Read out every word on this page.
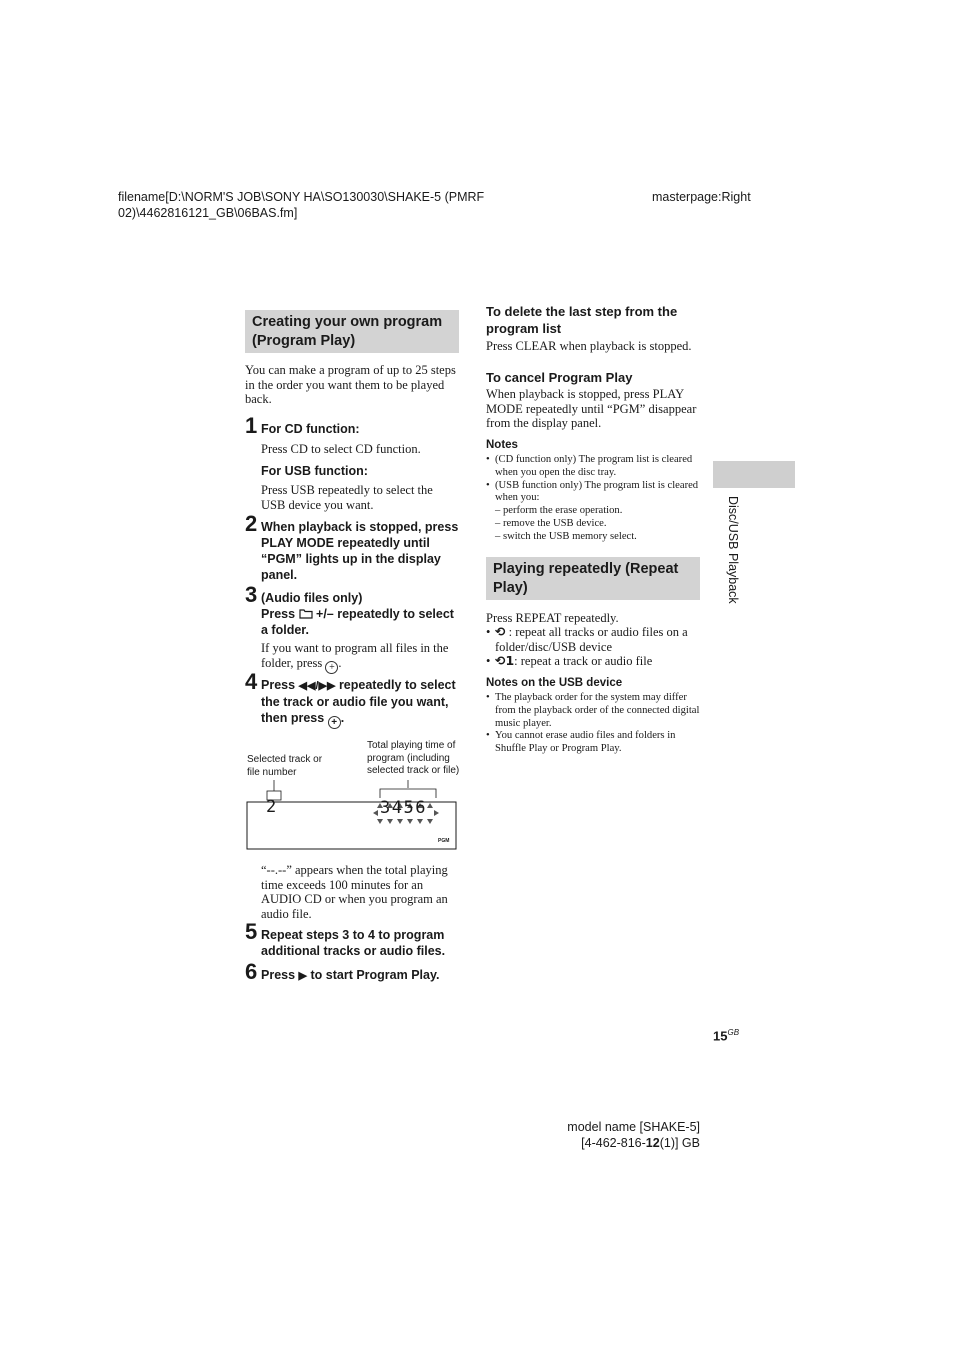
filename[D:\NORM'S JOB\SONY HA\SO130030\SHAKE-5 (PMRF 02)\4462816121_GB\06BAS.fm]
masterpage:Right
Creating your own program (Program Play)
You can make a program of up to 25 steps in the order you want them to be played back.
1 For CD function:
Press CD to select CD function.
For USB function:
Press USB repeatedly to select the USB device you want.
2 When playback is stopped, press PLAY MODE repeatedly until “PGM” lights up in the display panel.
3 (Audio files only)
Press +/– repeatedly to select a folder.
If you want to program all files in the folder, press + .
4 Press ◀◀/▶▶ repeatedly to select the track or audio file you want, then press + .
Selected track or file number
Total playing time of program (including selected track or file)
2	3456
PGM
“--.--” appears when the total playing time exceeds 100 minutes for an AUDIO CD or when you program an audio file.
5 Repeat steps 3 to 4 to program additional tracks or audio files.
6 Press ▶ to start Program Play.
To delete the last step from the program list
Press CLEAR when playback is stopped.
To cancel Program Play
When playback is stopped, press PLAY MODE repeatedly until “PGM” disappear from the display panel.
Notes
• (CD function only) The program list is cleared when you open the disc tray.
• (USB function only) The program list is cleared when you:
– perform the erase operation.
– remove the USB device.
– switch the USB memory select.
Playing repeatedly (Repeat Play)
Press REPEAT repeatedly.
• ⟲ : repeat all tracks or audio files on a folder/disc/USB device
• ⟲1: repeat a track or audio file
Notes on the USB device
• The playback order for the system may differ from the playback order of the connected digital music player.
• You cannot erase audio files and folders in Shuffle Play or Program Play.
Disc/USB Playback
$15^{GB}$
model name [SHAKE-5]
[4-462-816-12(1)] GB
